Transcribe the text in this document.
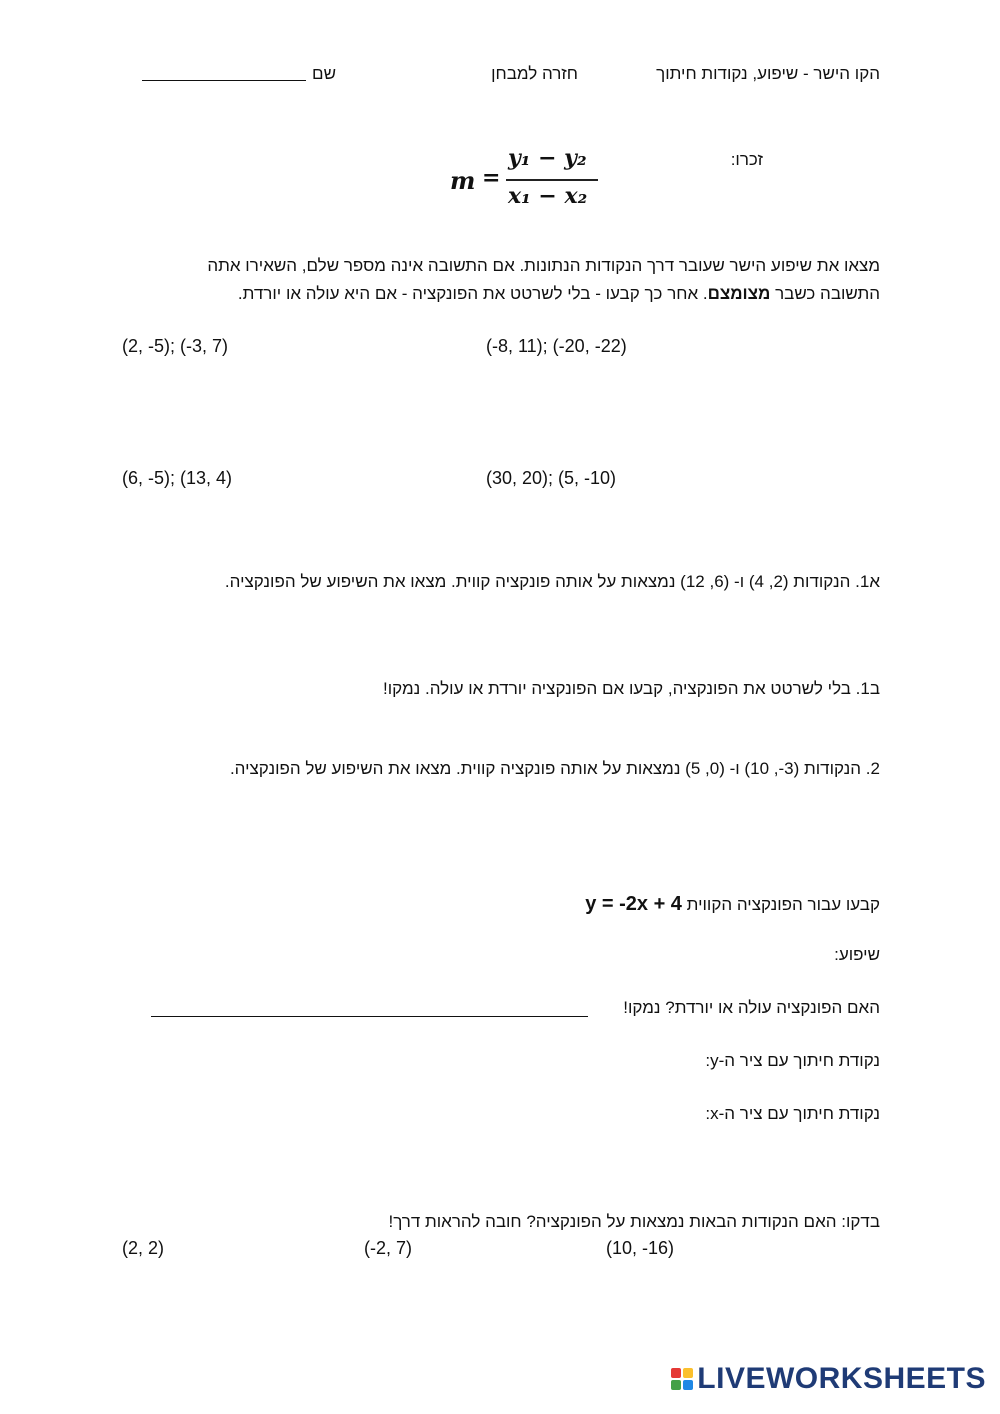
הקו הישר - שיפוע, נקודות חיתוך
חזרה למבחן
שם
זכרו:
m =
y₁ − y₂
x₁ − x₂
מצאו את שיפוע הישר שעובר דרך הנקודות הנתונות. אם התשובה אינה מספר שלם, השאירו אתה
התשובה כשבר מצומצם. אחר כך קבעו - בלי לשרטט את הפונקציה - אם היא עולה או יורדת.
(-8, 11); (-20, -22)
(2, -5); (-3, 7)
(30, 20); (5, -10)
(6, -5); (13, 4)
א1. הנקודות (2, 4) ו- (6, 12) נמצאות על אותה פונקציה קווית. מצאו את השיפוע של הפונקציה.
ב1. בלי לשרטט את הפונקציה, קבעו אם הפונקציה יורדת או עולה. נמקו!
2. הנקודות (3-, 10) ו- (0, 5) נמצאות על אותה פונקציה קווית. מצאו את השיפוע של הפונקציה.
קבעו עבור הפונקציה הקווית y = -2x + 4
שיפוע:
האם הפונקציה עולה או יורדת? נמקו!
נקודת חיתוך עם ציר ה-y:
נקודת חיתוך עם ציר ה-x:
בדקו: האם הנקודות הבאות נמצאות על הפונקציה? חובה להראות דרך!
(10, -16)
(-2, 7)
(2, 2)
LIVEWORKSHEETS
